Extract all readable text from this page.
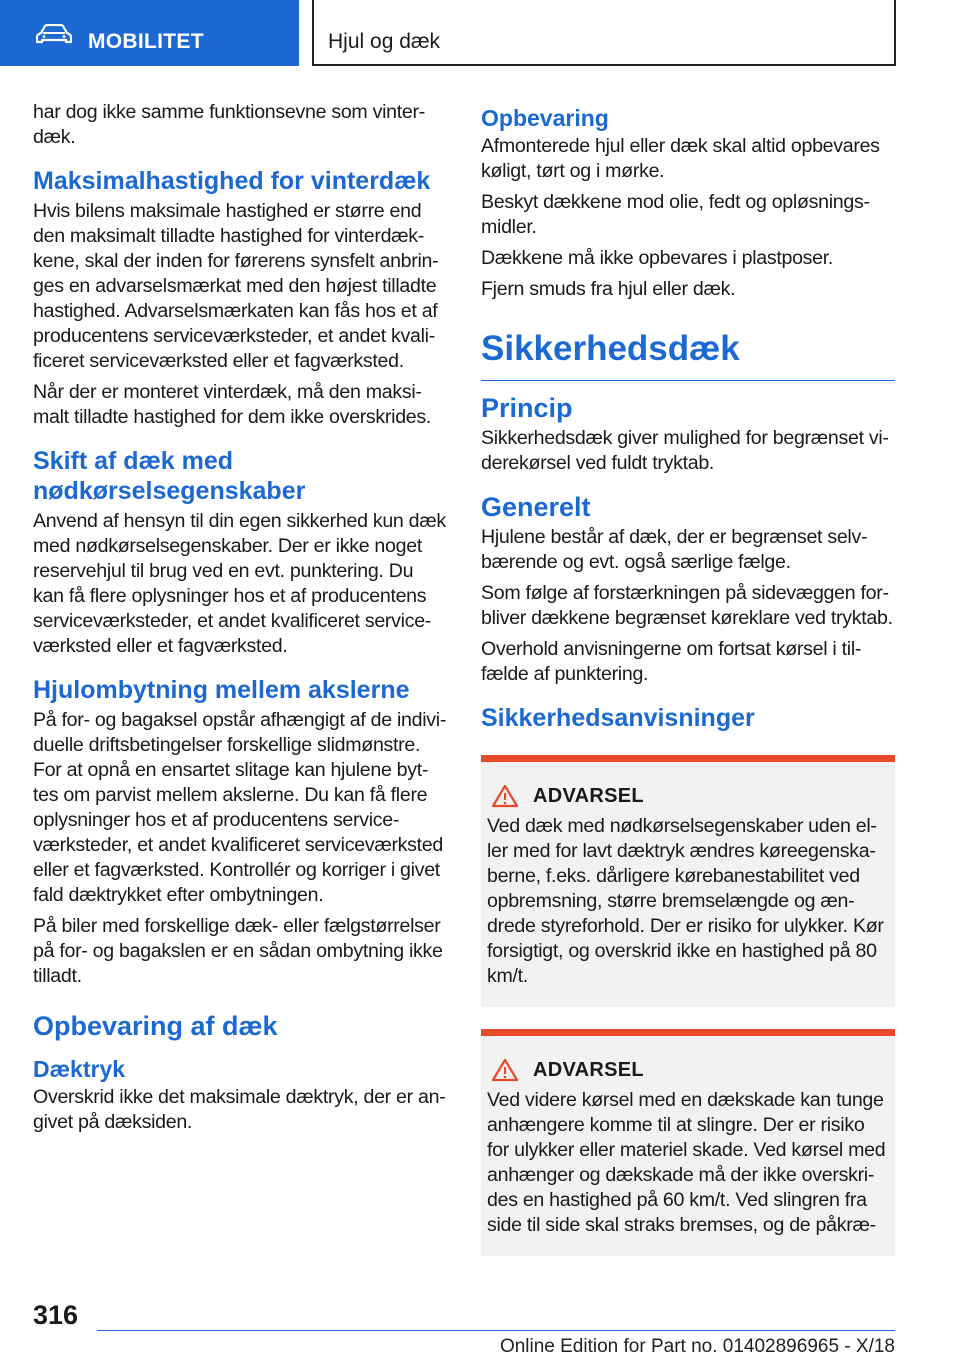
MOBILITET	Hjul og dæk

har dog ikke samme funktionsevne som vinter-dæk.

Maksimalhastighed for vinterdæk

Hvis bilens maksimale hastighed er større end den maksimalt tilladte hastighed for vinterdæk-kene, skal der inden for førerens synsfelt anbrin-ges en advarselsmærkat med den højest tilladte hastighed. Advarselsmærkaten kan fås hos et af producentens serviceværksteder, et andet kvali-ficeret serviceværksted eller et fagværksted.

Når der er monteret vinterdæk, må den maksi-malt tilladte hastighed for dem ikke overskrides.

Skift af dæk med nødkørselsegenskaber

Anvend af hensyn til din egen sikkerhed kun dæk med nødkørselsegenskaber. Der er ikke noget reservehjul til brug ved en evt. punktering. Du kan få flere oplysninger hos et af producentens serviceværksteder, et andet kvalificeret service-værksted eller et fagværksted.

Hjulombytning mellem akslerne

På for- og bagaksel opstår afhængigt af de indivi-duelle driftsbetingelser forskellige slidmønstre. For at opnå en ensartet slitage kan hjulene byt-tes om parvist mellem akslerne. Du kan få flere oplysninger hos et af producentens service-værksteder, et andet kvalificeret serviceværksted eller et fagværksted. Kontrollér og korriger i givet fald dæktrykket efter ombytningen.

På biler med forskellige dæk- eller fælgstørrelser på for- og bagakslen er en sådan ombytning ikke tilladt.

Opbevaring af dæk
Dæktryk

Overskrid ikke det maksimale dæktryk, der er an-givet på dæksiden.

Opbevaring

Afmonterede hjul eller dæk skal altid opbevares køligt, tørt og i mørke.

Beskyt dækkene mod olie, fedt og opløsnings-midler.

Dækkene må ikke opbevares i plastposer.

Fjern smuds fra hjul eller dæk.

Sikkerhedsdæk
Princip

Sikkerhedsdæk giver mulighed for begrænset vi-derekørsel ved fuldt tryktab.

Generelt

Hjulene består af dæk, der er begrænset selv-bærende og evt. også særlige fælge.

Som følge af forstærkningen på sidevæggen for-bliver dækkene begrænset køreklare ved tryktab.

Overhold anvisningerne om fortsat kørsel i til-fælde af punktering.

Sikkerhedsanvisninger
ADVARSEL

Ved dæk med nødkørselsegenskaber uden el-ler med for lavt dæktryk ændres køreegenska-berne, f.eks. dårligere kørebanestabilitet ved opbremsning, større bremselængde og æn-drede styreforhold. Der er risiko for ulykker. Kør forsigtigt, og overskrid ikke en hastighed på 80 km/t.

ADVARSEL

Ved videre kørsel med en dækskade kan tunge anhængere komme til at slingre. Der er risiko for ulykker eller materiel skade. Ved kørsel med anhænger og dækskade må der ikke overskri-des en hastighed på 60 km/t. Ved slingren fra side til side skal straks bremses, og de påkræ-

316
Online Edition for Part no. 01402896965 - X/18
